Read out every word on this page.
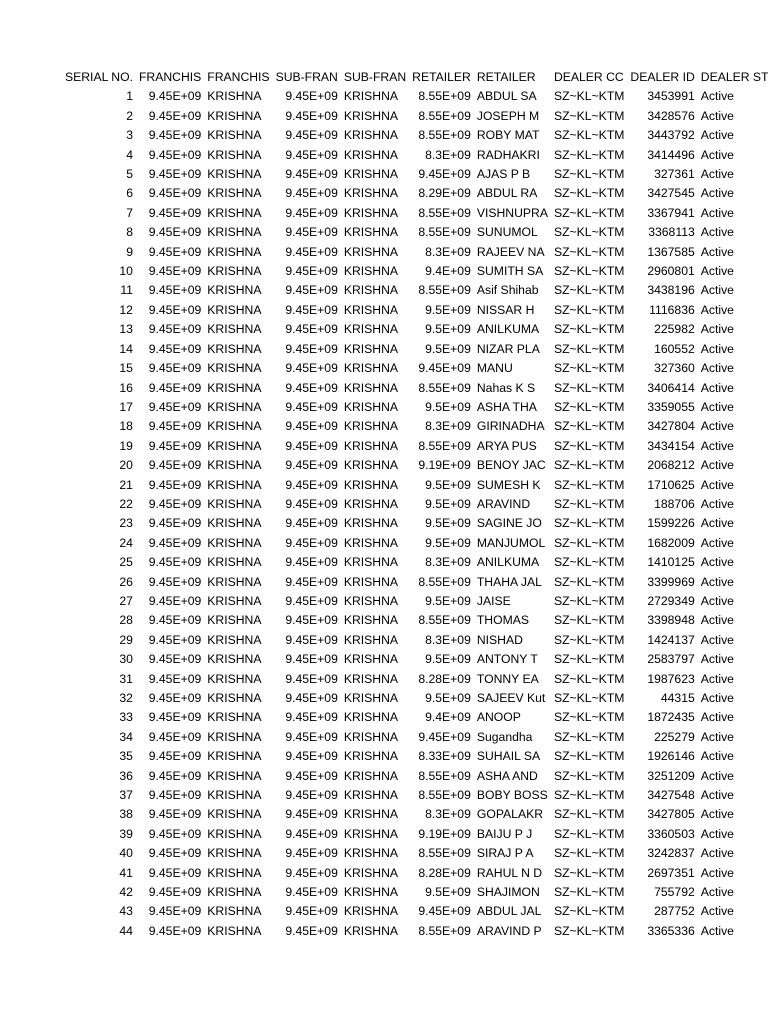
SERIAL NO.	FRANCHIS	FRANCHIS	SUB-FRAN	SUB-FRAN	RETAILER	RETAILER	DEALER CC	DEALER ID	DEALER ST
1	9.45E+09	KRISHNA	9.45E+09	KRISHNA	8.55E+09	ABDUL SA	SZ~KL~KTM	3453991	Active
2	9.45E+09	KRISHNA	9.45E+09	KRISHNA	8.55E+09	JOSEPH M	SZ~KL~KTM	3428576	Active
3	9.45E+09	KRISHNA	9.45E+09	KRISHNA	8.55E+09	ROBY MAT	SZ~KL~KTM	3443792	Active
4	9.45E+09	KRISHNA	9.45E+09	KRISHNA	8.3E+09	RADHAKRI	SZ~KL~KTM	3414496	Active
5	9.45E+09	KRISHNA	9.45E+09	KRISHNA	9.45E+09	AJAS P B	SZ~KL~KTM	327361	Active
6	9.45E+09	KRISHNA	9.45E+09	KRISHNA	8.29E+09	ABDUL RA	SZ~KL~KTM	3427545	Active
7	9.45E+09	KRISHNA	9.45E+09	KRISHNA	8.55E+09	VISHNUPRA	SZ~KL~KTM	3367941	Active
8	9.45E+09	KRISHNA	9.45E+09	KRISHNA	8.55E+09	SUNUMOL	SZ~KL~KTM	3368113	Active
9	9.45E+09	KRISHNA	9.45E+09	KRISHNA	8.3E+09	RAJEEV NA	SZ~KL~KTM	1367585	Active
10	9.45E+09	KRISHNA	9.45E+09	KRISHNA	9.4E+09	SUMITH SA	SZ~KL~KTM	2960801	Active
11	9.45E+09	KRISHNA	9.45E+09	KRISHNA	8.55E+09	Asif Shihab	SZ~KL~KTM	3438196	Active
12	9.45E+09	KRISHNA	9.45E+09	KRISHNA	9.5E+09	NISSAR H	SZ~KL~KTM	1116836	Active
13	9.45E+09	KRISHNA	9.45E+09	KRISHNA	9.5E+09	ANILKUMA	SZ~KL~KTM	225982	Active
14	9.45E+09	KRISHNA	9.45E+09	KRISHNA	9.5E+09	NIZAR PLA	SZ~KL~KTM	160552	Active
15	9.45E+09	KRISHNA	9.45E+09	KRISHNA	9.45E+09	MANU	SZ~KL~KTM	327360	Active
16	9.45E+09	KRISHNA	9.45E+09	KRISHNA	8.55E+09	Nahas K S	SZ~KL~KTM	3406414	Active
17	9.45E+09	KRISHNA	9.45E+09	KRISHNA	9.5E+09	ASHA THA	SZ~KL~KTM	3359055	Active
18	9.45E+09	KRISHNA	9.45E+09	KRISHNA	8.3E+09	GIRINADHA	SZ~KL~KTM	3427804	Active
19	9.45E+09	KRISHNA	9.45E+09	KRISHNA	8.55E+09	ARYA PUS	SZ~KL~KTM	3434154	Active
20	9.45E+09	KRISHNA	9.45E+09	KRISHNA	9.19E+09	BENOY JAC	SZ~KL~KTM	2068212	Active
21	9.45E+09	KRISHNA	9.45E+09	KRISHNA	9.5E+09	SUMESH K	SZ~KL~KTM	1710625	Active
22	9.45E+09	KRISHNA	9.45E+09	KRISHNA	9.5E+09	ARAVIND	SZ~KL~KTM	188706	Active
23	9.45E+09	KRISHNA	9.45E+09	KRISHNA	9.5E+09	SAGINE JO	SZ~KL~KTM	1599226	Active
24	9.45E+09	KRISHNA	9.45E+09	KRISHNA	9.5E+09	MANJUMOL	SZ~KL~KTM	1682009	Active
25	9.45E+09	KRISHNA	9.45E+09	KRISHNA	8.3E+09	ANILKUMA	SZ~KL~KTM	1410125	Active
26	9.45E+09	KRISHNA	9.45E+09	KRISHNA	8.55E+09	THAHA JAL	SZ~KL~KTM	3399969	Active
27	9.45E+09	KRISHNA	9.45E+09	KRISHNA	9.5E+09	JAISE	SZ~KL~KTM	2729349	Active
28	9.45E+09	KRISHNA	9.45E+09	KRISHNA	8.55E+09	THOMAS	SZ~KL~KTM	3398948	Active
29	9.45E+09	KRISHNA	9.45E+09	KRISHNA	8.3E+09	NISHAD	SZ~KL~KTM	1424137	Active
30	9.45E+09	KRISHNA	9.45E+09	KRISHNA	9.5E+09	ANTONY T	SZ~KL~KTM	2583797	Active
31	9.45E+09	KRISHNA	9.45E+09	KRISHNA	8.28E+09	TONNY EA	SZ~KL~KTM	1987623	Active
32	9.45E+09	KRISHNA	9.45E+09	KRISHNA	9.5E+09	SAJEEV Kut	SZ~KL~KTM	44315	Active
33	9.45E+09	KRISHNA	9.45E+09	KRISHNA	9.4E+09	ANOOP	SZ~KL~KTM	1872435	Active
34	9.45E+09	KRISHNA	9.45E+09	KRISHNA	9.45E+09	Sugandha	SZ~KL~KTM	225279	Active
35	9.45E+09	KRISHNA	9.45E+09	KRISHNA	8.33E+09	SUHAIL SA	SZ~KL~KTM	1926146	Active
36	9.45E+09	KRISHNA	9.45E+09	KRISHNA	8.55E+09	ASHA AND	SZ~KL~KTM	3251209	Active
37	9.45E+09	KRISHNA	9.45E+09	KRISHNA	8.55E+09	BOBY BOSS	SZ~KL~KTM	3427548	Active
38	9.45E+09	KRISHNA	9.45E+09	KRISHNA	8.3E+09	GOPALAKR	SZ~KL~KTM	3427805	Active
39	9.45E+09	KRISHNA	9.45E+09	KRISHNA	9.19E+09	BAIJU P J	SZ~KL~KTM	3360503	Active
40	9.45E+09	KRISHNA	9.45E+09	KRISHNA	8.55E+09	SIRAJ P A	SZ~KL~KTM	3242837	Active
41	9.45E+09	KRISHNA	9.45E+09	KRISHNA	8.28E+09	RAHUL N D	SZ~KL~KTM	2697351	Active
42	9.45E+09	KRISHNA	9.45E+09	KRISHNA	9.5E+09	SHAJIMON	SZ~KL~KTM	755792	Active
43	9.45E+09	KRISHNA	9.45E+09	KRISHNA	9.45E+09	ABDUL JAL	SZ~KL~KTM	287752	Active
44	9.45E+09	KRISHNA	9.45E+09	KRISHNA	8.55E+09	ARAVIND P	SZ~KL~KTM	3365336	Active
